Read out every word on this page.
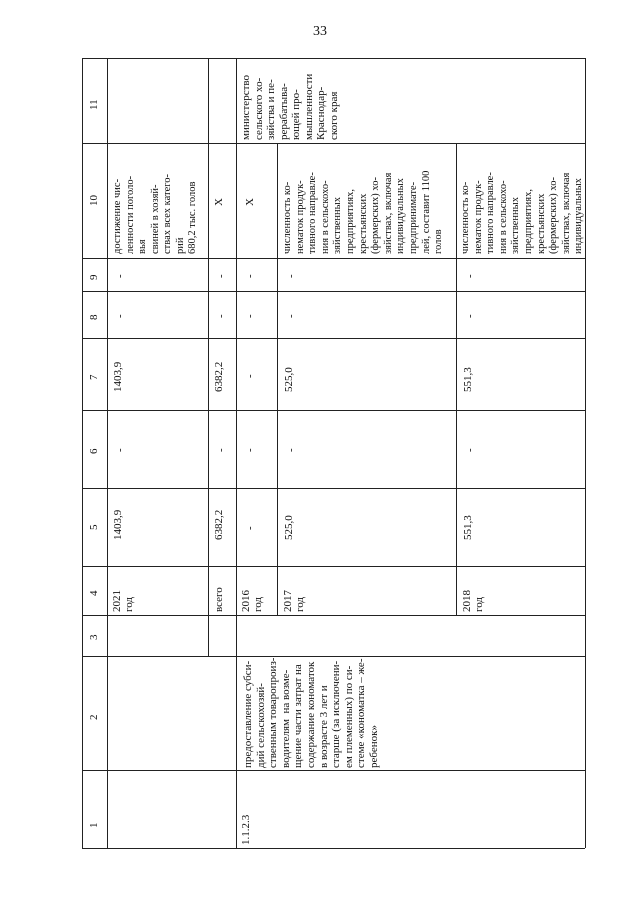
33
11
10
9
8
7
6
5
4
3
2
1
2021
год
1403,9
-
1403,9
-
-
достижение чис-
ленности поголо-
вья
свиней в хозяй-
ствах всех катего-
рий
680,2 тыс. голов
министерство
сельского хо-
зяйства и пе-
рерабатыва-
ющей про-
мышленности
Краснодар-
ского края
всего
6382,2
-
6382,2
-
-
Х
1.1.2.3
предоставление субси-
дий сельскохозяй-
ственным товаропроиз-
водителям  на возме-
щение части затрат на
содержание кономаток
в возрасте 3 лет и
старше (за исключени-
ем племенных) по си-
стеме «кономатка – же-
ребенок»
2016
год
-
-
-
-
-
Х
2017
год
525,0
-
525,0
-
-
численность ко-
нематок продук-
тивного направле-
ния в сельскохо-
зяйственных
предприятиях,
крестьянских
(фермерских) хо-
зяйствах, включая
индивидуальных
предпринимате-
лей, составит 1100
голов
2018
год
551,3
-
551,3
-
-
численность ко-
нематок продук-
тивного направле-
ния в сельскохо-
зяйственных
предприятиях,
крестьянских
(фермерских) хо-
зяйствах, включая
индивидуальных
